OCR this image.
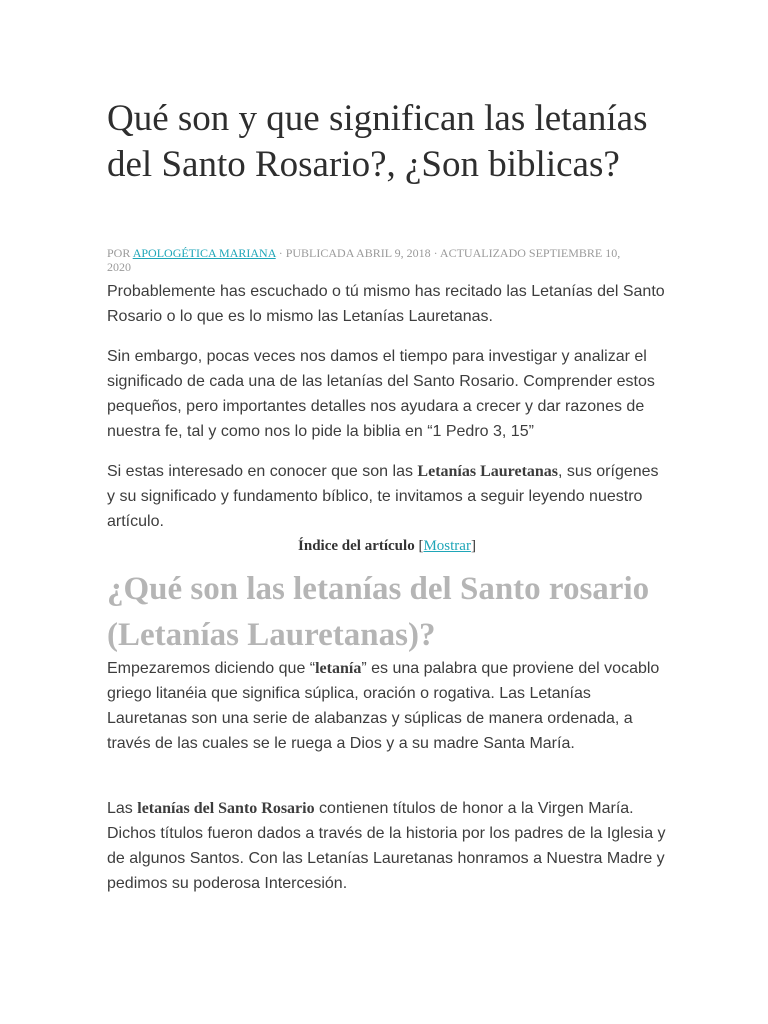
Qué son y que significan las letanías del Santo Rosario?, ¿Son biblicas?
POR APOLOGÉTICA MARIANA · PUBLICADA ABRIL 9, 2018 · ACTUALIZADO SEPTIEMBRE 10, 2020

Probablemente has escuchado o tú mismo has recitado las Letanías del Santo Rosario o lo que es lo mismo las Letanías Lauretanas.

Sin embargo, pocas veces nos damos el tiempo para investigar y analizar el significado de cada una de las letanías del Santo Rosario. Comprender estos pequeños, pero importantes detalles nos ayudara a crecer y dar razones de nuestra fe, tal y como nos lo pide la biblia en “1 Pedro 3, 15”

Si estas interesado en conocer que son las Letanías Lauretanas, sus orígenes y su significado y fundamento bíblico, te invitamos a seguir leyendo nuestro artículo.

Índice del artículo [Mostrar]
¿Qué son las letanías del Santo rosario (Letanías Lauretanas)?

Empezaremos diciendo que “letanía” es una palabra que proviene del vocablo griego litanéia que significa súplica, oración o rogativa. Las Letanías Lauretanas son una serie de alabanzas y súplicas de manera ordenada, a través de las cuales se le ruega a Dios y a su madre Santa María.

Las letanías del Santo Rosario contienen títulos de honor a la Virgen María. Dichos títulos fueron dados a través de la historia por los padres de la Iglesia y de algunos Santos. Con las Letanías Lauretanas honramos a Nuestra Madre y pedimos su poderosa Intercesión.
